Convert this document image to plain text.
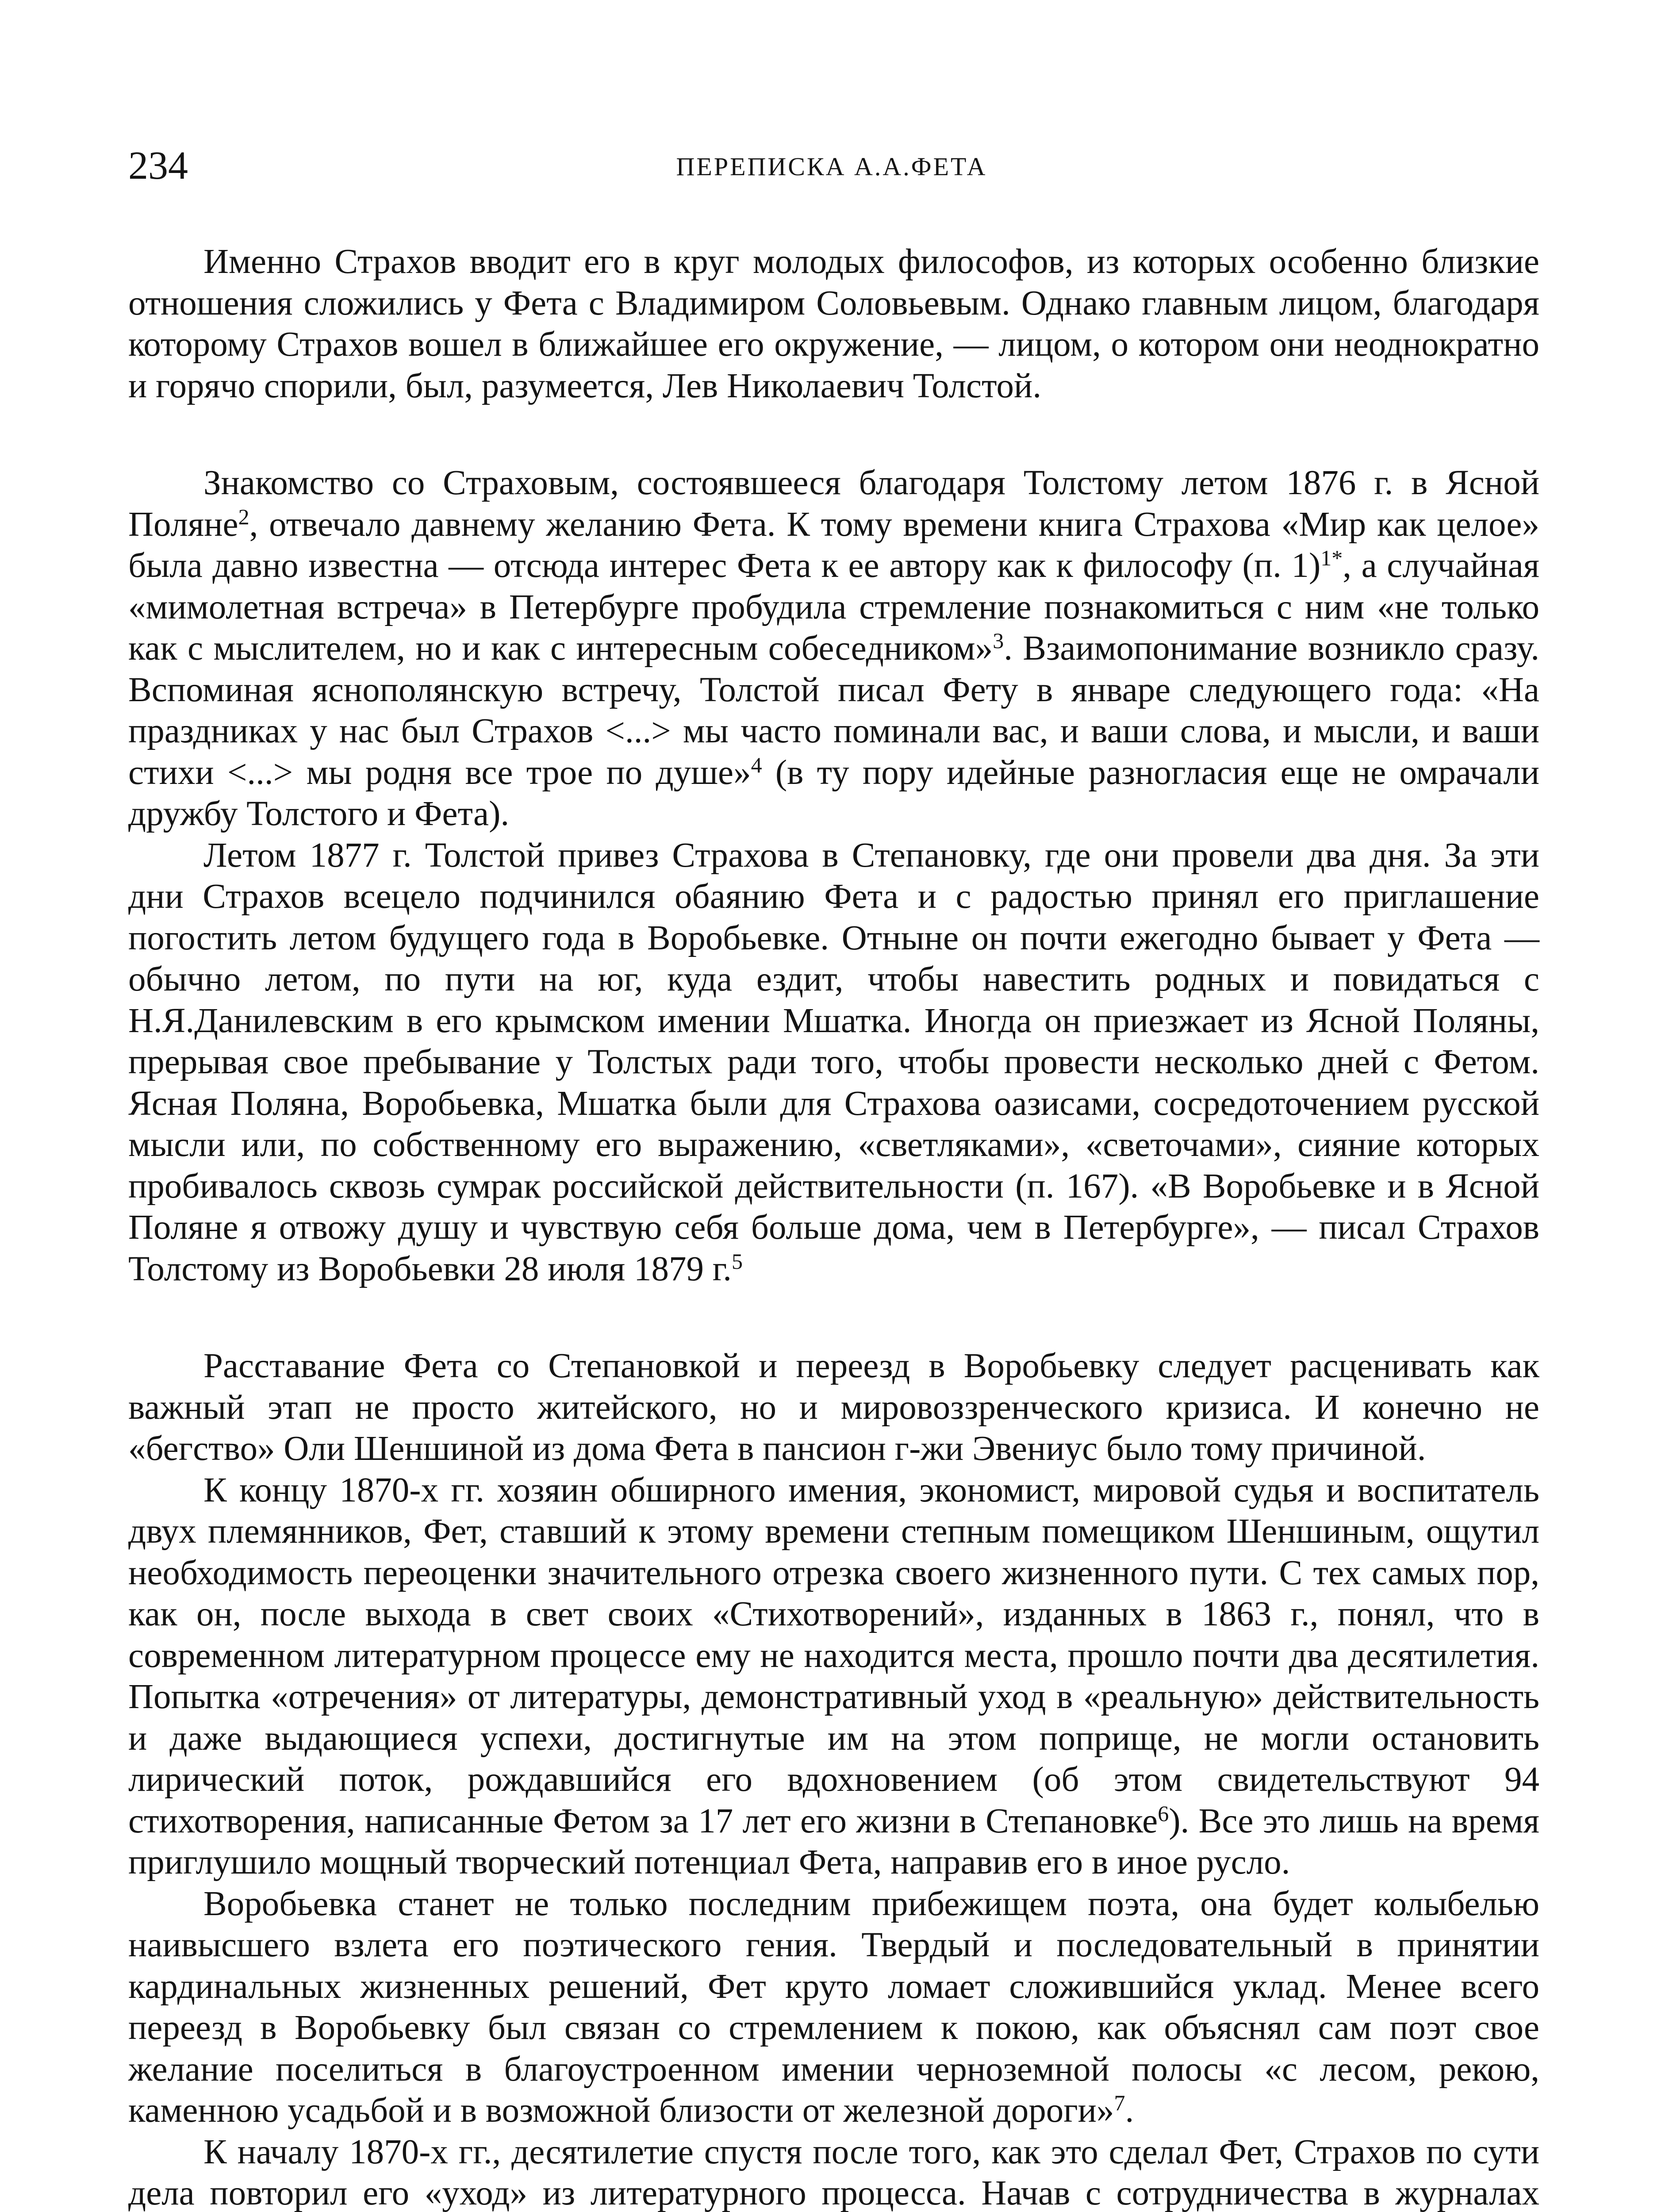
234	ПЕРЕПИСКА А.А.ФЕТА

Именно Страхов вводит его в круг молодых философов, из которых особенно близкие отношения сложились у Фета с Владимиром Соловьевым. Однако главным лицом, благодаря которому Страхов вошел в ближайшее его окружение, — лицом, о котором они неоднократно и горячо спорили, был, разумеется, Лев Николаевич Толстой.

Знакомство со Страховым, состоявшееся благодаря Толстому летом 1876 г. в Ясной Поляне$^2$, отвечало давнему желанию Фета. К тому времени книга Страхова «Мир как целое» была давно известна — отсюда интерес Фета к ее автору как к философу (п. 1)$^{1*}$, а случайная «мимолетная встреча» в Петербурге пробудила стремление познакомиться с ним «не только как с мыслителем, но и как с интересным собеседником»$^3$. Взаимопонимание возникло сразу. Вспоминая яснополянскую встречу, Толстой писал Фету в январе следующего года: «На праздниках у нас был Страхов <...> мы часто поминали вас, и ваши слова, и мысли, и ваши стихи <...> мы родня все трое по душе»$^4$ (в ту пору идейные разногласия еще не омрачали дружбу Толстого и Фета).

Летом 1877 г. Толстой привез Страхова в Степановку, где они провели два дня. За эти дни Страхов всецело подчинился обаянию Фета и с радостью принял его приглашение погостить летом будущего года в Воробьевке. Отныне он почти ежегодно бывает у Фета — обычно летом, по пути на юг, куда ездит, чтобы навестить родных и повидаться с Н.Я.Данилевским в его крымском имении Мшатка. Иногда он приезжает из Ясной Поляны, прерывая свое пребывание у Толстых ради того, чтобы провести несколько дней с Фетом. Ясная Поляна, Воробьевка, Мшатка были для Страхова оазисами, сосредоточением русской мысли или, по собственному его выражению, «светляками», «светочами», сияние которых пробивалось сквозь сумрак российской действительности (п. 167). «В Воробьевке и в Ясной Поляне я отвожу душу и чувствую себя больше дома, чем в Петербурге», — писал Страхов Толстому из Воробьевки 28 июля 1879 г.$^5$

Расставание Фета со Степановкой и переезд в Воробьевку следует расценивать как важный этап не просто житейского, но и мировоззренческого кризиса. И конечно не «бегство» Оли Шеншиной из дома Фета в пансион г-жи Эвениус было тому причиной.

К концу 1870-х гг. хозяин обширного имения, экономист, мировой судья и воспитатель двух племянников, Фет, ставший к этому времени степным помещиком Шеншиным, ощутил необходимость переоценки значительного отрезка своего жизненного пути. С тех самых пор, как он, после выхода в свет своих «Стихотворений», изданных в 1863 г., понял, что в современном литературном процессе ему не находится места, прошло почти два десятилетия. Попытка «отречения» от литературы, демонстративный уход в «реальную» действительность и даже выдающиеся успехи, достигнутые им на этом поприще, не могли остановить лирический поток, рождавшийся его вдохновением (об этом свидетельствуют 94 стихотворения, написанные Фетом за 17 лет его жизни в Степановке$^6$). Все это лишь на время приглушило мощный творческий потенциал Фета, направив его в иное русло.

Воробьевка станет не только последним прибежищем поэта, она будет колыбелью наивысшего взлета его поэтического гения. Твердый и последовательный в принятии кардинальных жизненных решений, Фет круто ломает сложившийся уклад. Менее всего переезд в Воробьевку был связан со стремлением к покою, как объяснял сам поэт свое желание поселиться в благоустроенном имении черноземной полосы «с лесом, рекою, каменною усадьбой и в возможной близости от железной дороги»$^7$.

К началу 1870-х гг., десятилетие спустя после того, как это сделал Фет, Страхов по сути дела повторил его «уход» из литературного процесса. Начав с сотрудничества в журналах
